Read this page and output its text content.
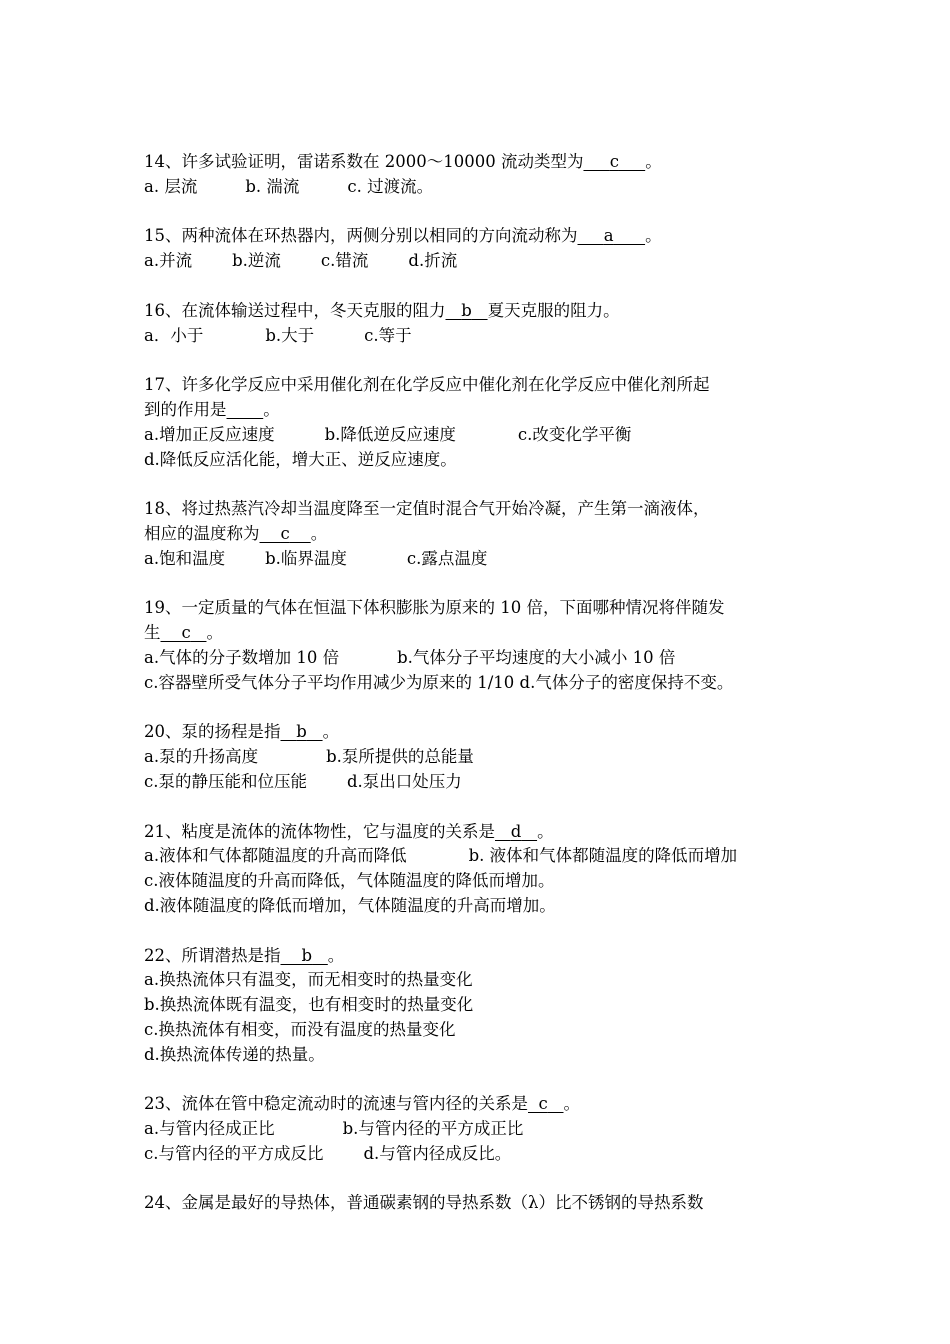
14、许多试验证明，雷诺系数在 2000～10000 流动类型为 c 。
a. 层流	b. 湍流	c. 过渡流。
15、两种流体在环热器内，两侧分别以相同的方向流动称为 a 。
a.并流 b.逆流 c.错流 d.折流
16、在流体输送过程中，冬天克服的阻力 b 夏天克服的阻力。
a．小于	b.大于	c.等于
17、许多化学反应中采用催化剂在化学反应中催化剂在化学反应中催化剂所起
到的作用是 。
a.增加正反应速度	b.降低逆反应速度	c.改变化学平衡
d.降低反应活化能，增大正、逆反应速度。
18、将过热蒸汽冷却当温度降至一定值时混合气开始冷凝，产生第一滴液体，
相应的温度称为 c 。
a.饱和温度 b.临界温度	c.露点温度
19、一定质量的气体在恒温下体积膨胀为原来的 10 倍，下面哪种情况将伴随发
生 c 。
a.气体的分子数增加 10 倍	b.气体分子平均速度的大小减小 10 倍
c.容器壁所受气体分子平均作用减少为原来的 1/10 d.气体分子的密度保持不变。
20、泵的扬程是指 b 。
a.泵的升扬高度	b.泵所提供的总能量
c.泵的静压能和位压能 d.泵出口处压力
21、粘度是流体的流体物性，它与温度的关系是 d 。
a.液体和气体都随温度的升高而降低	b. 液体和气体都随温度的降低而增加
c.液体随温度的升高而降低，气体随温度的降低而增加。
d.液体随温度的降低而增加，气体随温度的升高而增加。
22、所谓潜热是指 b 。
a.换热流体只有温变，而无相变时的热量变化
b.换热流体既有温变，也有相变时的热量变化
c.换热流体有相变，而没有温度的热量变化
d.换热流体传递的热量。
23、流体在管中稳定流动时的流速与管内径的关系是 c 。
a.与管内径成正比	b.与管内径的平方成正比
c.与管内径的平方成反比 d.与管内径成反比。
24、金属是最好的导热体，普通碳素钢的导热系数（λ）比不锈钢的导热系数
